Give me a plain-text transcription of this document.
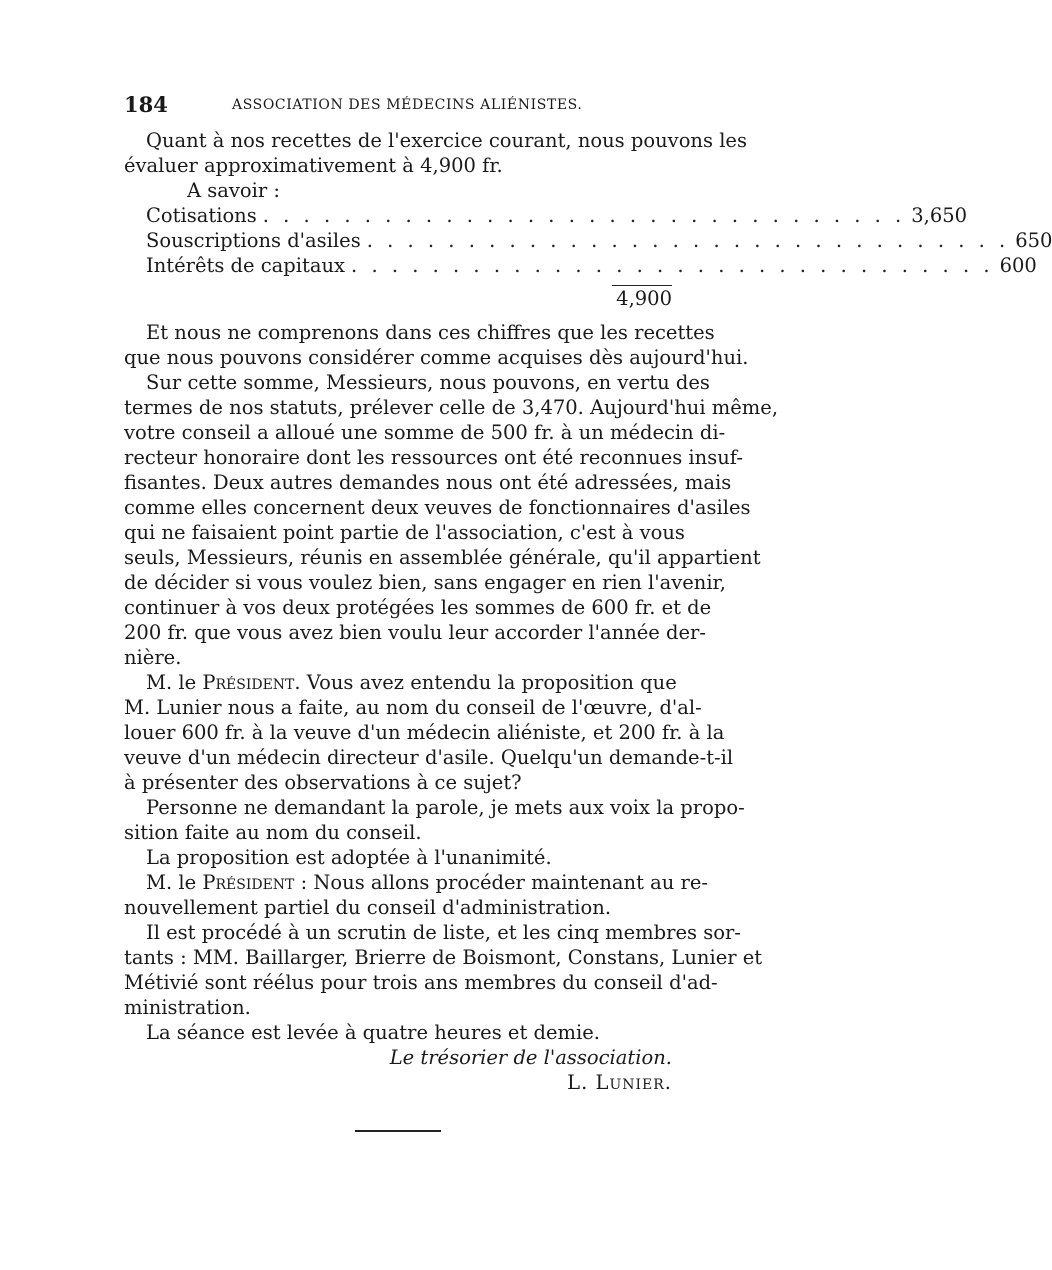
184	ASSOCIATION DES MÉDECINS ALIÉNISTES.
Quant à nos recettes de l'exercice courant, nous pouvons les
évaluer approximativement à 4,900 fr.
A savoir :
Cotisations . . . . . . . . . . . . . . . . . . . . . . . . . . . . . . . . 3,650
Souscriptions d'asiles . . . . . . . . . . . . . . . . . . . . . . . . . . . . . . . . 650
Intérêts de capitaux . . . . . . . . . . . . . . . . . . . . . . . . . . . . . . . . 600
4,900
Et nous ne comprenons dans ces chiffres que les recettes
que nous pouvons considérer comme acquises dès aujourd'hui.
Sur cette somme, Messieurs, nous pouvons, en vertu des
termes de nos statuts, prélever celle de 3,470. Aujourd'hui même,
votre conseil a alloué une somme de 500 fr. à un médecin di-
recteur honoraire dont les ressources ont été reconnues insuf-
fisantes. Deux autres demandes nous ont été adressées, mais
comme elles concernent deux veuves de fonctionnaires d'asiles
qui ne faisaient point partie de l'association, c'est à vous
seuls, Messieurs, réunis en assemblée générale, qu'il appartient
de décider si vous voulez bien, sans engager en rien l'avenir,
continuer à vos deux protégées les sommes de 600 fr. et de
200 fr. que vous avez bien voulu leur accorder l'année der-
nière.
M. le Président. Vous avez entendu la proposition que
M. Lunier nous a faite, au nom du conseil de l'œuvre, d'al-
louer 600 fr. à la veuve d'un médecin aliéniste, et 200 fr. à la
veuve d'un médecin directeur d'asile. Quelqu'un demande-t-il
à présenter des observations à ce sujet?
Personne ne demandant la parole, je mets aux voix la propo-
sition faite au nom du conseil.
La proposition est adoptée à l'unanimité.
M. le Président : Nous allons procéder maintenant au re-
nouvellement partiel du conseil d'administration.
Il est procédé à un scrutin de liste, et les cinq membres sor-
tants : MM. Baillarger, Brierre de Boismont, Constans, Lunier et
Métivié sont réélus pour trois ans membres du conseil d'ad-
ministration.
La séance est levée à quatre heures et demie.
Le trésorier de l'association.
L. Lunier.
